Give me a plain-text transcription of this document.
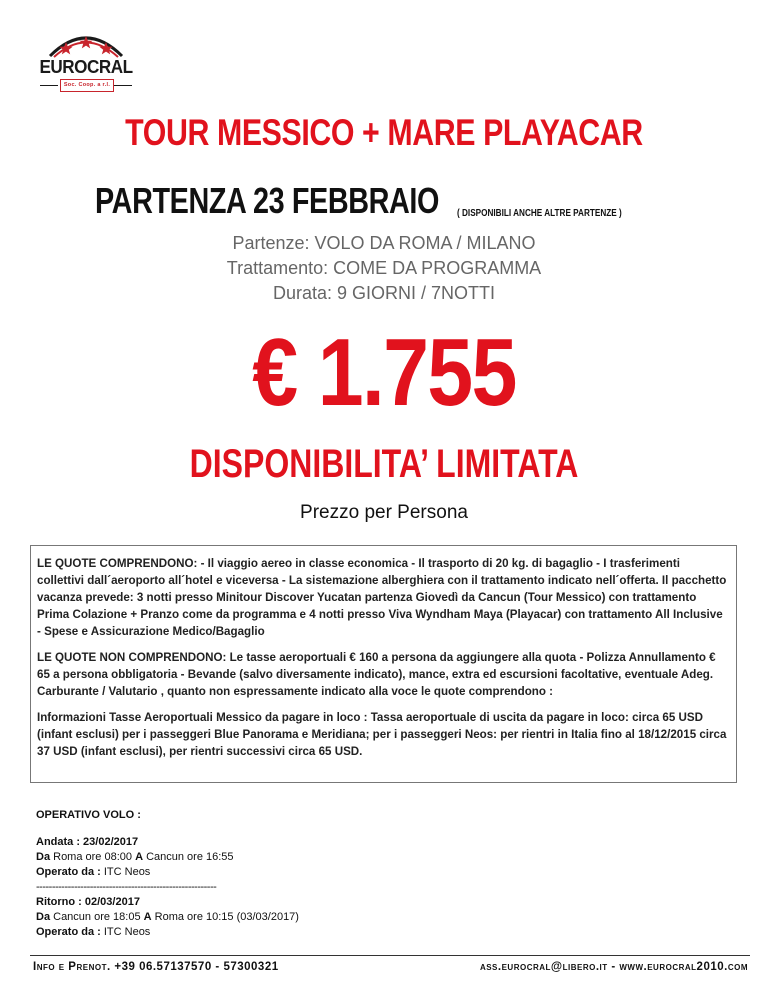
EUROCRAL
Soc. Coop. a r.l.
TOUR MESSICO + MARE PLAYACAR
PARTENZA 23 FEBBRAIO ( DISPONIBILI ANCHE ALTRE PARTENZE )

Partenze: VOLO DA ROMA / MILANO

Trattamento: COME DA PROGRAMMA

Durata: 9 GIORNI / 7NOTTI

€ 1.755
DISPONIBILITA’ LIMITATA
Prezzo per Persona

LE QUOTE COMPRENDONO: - Il viaggio aereo in classe economica - Il trasporto di 20 kg. di bagaglio - I trasferimenti collettivi dall´aeroporto all´hotel e viceversa - La sistemazione alberghiera con il trattamento indicato nell´offerta. Il pacchetto vacanza prevede: 3 notti presso Minitour Discover Yucatan partenza Giovedì da Cancun (Tour Messico) con trattamento Prima Colazione + Pranzo come da programma e 4 notti presso Viva Wyndham Maya (Playacar) con trattamento All Inclusive
- Spese e Assicurazione Medico/Bagaglio

LE QUOTE NON COMPRENDONO: Le tasse aeroportuali € 160 a persona da aggiungere alla quota - Polizza Annullamento € 65 a persona obbligatoria - Bevande (salvo diversamente indicato), mance, extra ed escursioni facoltative, eventuale Adeg. Carburante / Valutario , quanto non espressamente indicato alla voce le quote comprendono :

Informazioni Tasse Aeroportuali Messico da pagare in loco : Tassa aeroportuale di uscita da pagare in loco: circa 65 USD (infant esclusi) per i passeggeri Blue Panorama e Meridiana; per i passeggeri Neos: per rientri in Italia fino al 18/12/2015 circa 37 USD (infant esclusi), per rientri successivi circa 65 USD.

OPERATIVO VOLO :

Andata : 23/02/2017

Da Roma ore 08:00 A Cancun ore 16:55

Operato da : ITC Neos

---------------------------------------------------------

Ritorno : 02/03/2017

Da Cancun ore 18:05 A Roma ore 10:15 (03/03/2017)

Operato da : ITC Neos

Info e Prenot. +39 06.57137570 - 57300321	ass.eurocral@libero.it - www.eurocral2010.com
